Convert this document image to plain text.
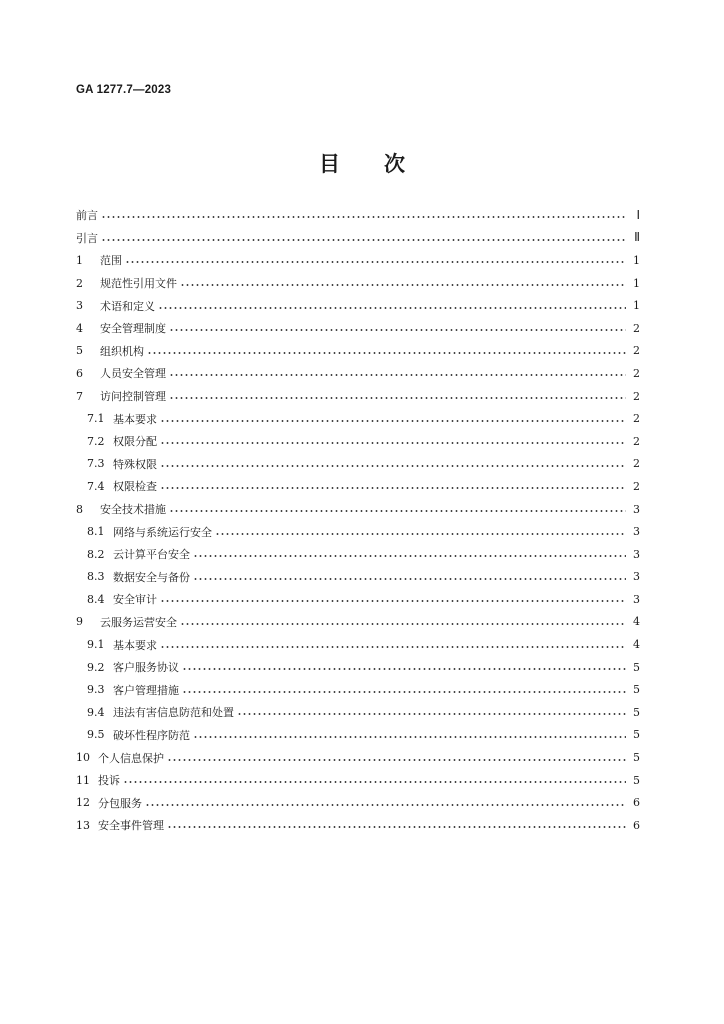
GA 1277.7—2023
目 次
前言	Ⅰ
引言	Ⅱ
1	范围	1
2	规范性引用文件	1
3	术语和定义	1
4	安全管理制度	2
5	组织机构	2
6	人员安全管理	2
7	访问控制管理	2
7.1 基本要求	2
7.2 权限分配	2
7.3 特殊权限	2
7.4 权限检查	2
8	安全技术措施	3
8.1 网络与系统运行安全	3
8.2 云计算平台安全	3
8.3 数据安全与备份	3
8.4 安全审计	3
9	云服务运营安全	4
9.1 基本要求	4
9.2 客户服务协议	5
9.3 客户管理措施	5
9.4 违法有害信息防范和处置	5
9.5 破坏性程序防范	5
10 个人信息保护	5
11 投诉	5
12 分包服务	6
13 安全事件管理	6
